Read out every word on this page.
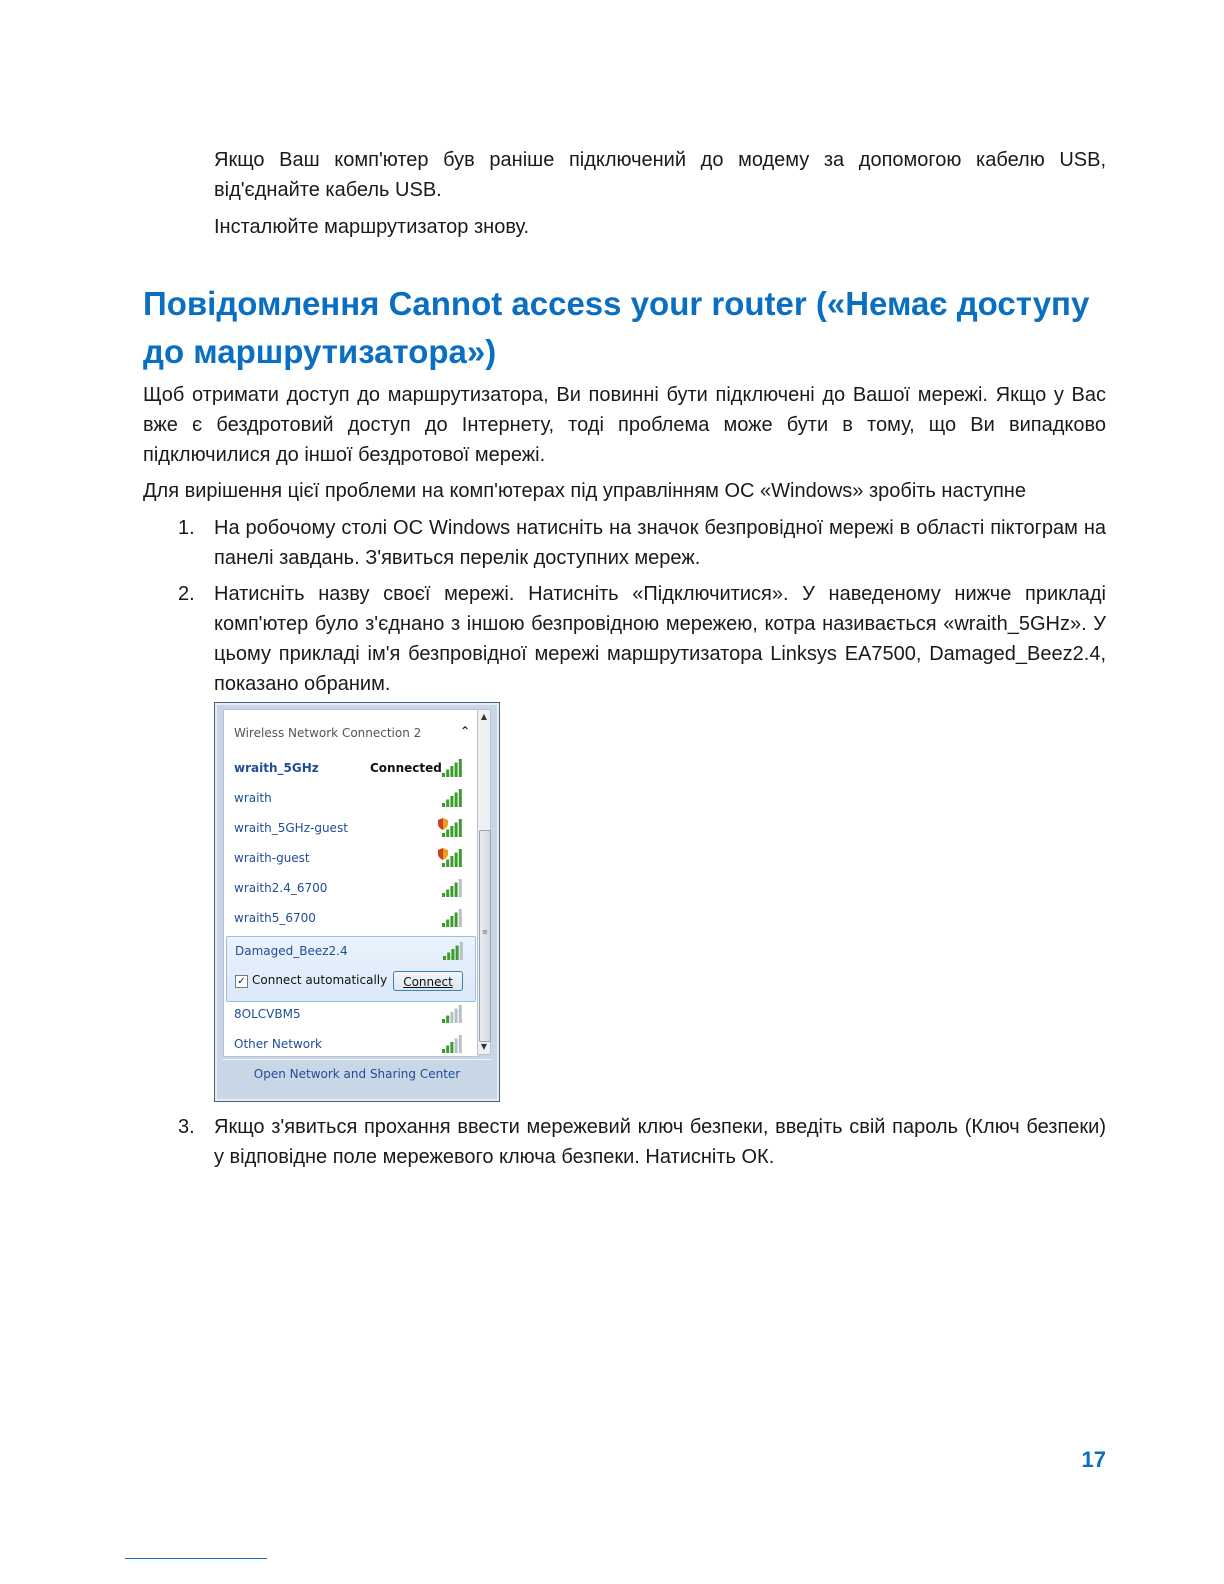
Якщо Ваш комп'ютер був раніше підключений до модему за допомогою кабелю USB, від'єднайте кабель USB.

Інсталюйте маршрутизатор знову.

Повідомлення Cannot access your router («Немає доступу до маршрутизатора»)

Щоб отримати доступ до маршрутизатора, Ви повинні бути підключені до Вашої мережі. Якщо у Вас вже є бездротовий доступ до Інтернету, тоді проблема може бути в тому, що Ви випадково підключилися до іншої бездротової мережі.

Для вирішення цієї проблеми на комп'ютерах під управлінням ОС «Windows» зробіть наступне

1. На робочому столі ОС Windows натисніть на значок безпровідної мережі в області піктограм на панелі завдань. З'явиться перелік доступних мереж.

2. Натисніть назву своєї мережі. Натисніть «Підключитися». У наведеному нижче прикладі комп'ютер було з'єднано з іншою безпровідною мережею, котра називається «wraith_5GHz». У цьому прикладі ім'я безпровідної мережі маршрутизатора Linksys EA7500, Damaged_Beez2.4, показано обраним.

Wireless Network Connection 2	⌃
wraith_5GHz	Connected
wraith
wraith_5GHz-guest
wraith-guest
wraith2.4_6700
wraith5_6700
Damaged_Beez2.4
✓ Connect automatically	Connect
8OLCVBM5
Other Network
▲
≡
▼
Open Network and Sharing Center
3. Якщо з'явиться прохання ввести мережевий ключ безпеки, введіть свій пароль (Ключ безпеки) у відповідне поле мережевого ключа безпеки. Натисніть ОК.

17
